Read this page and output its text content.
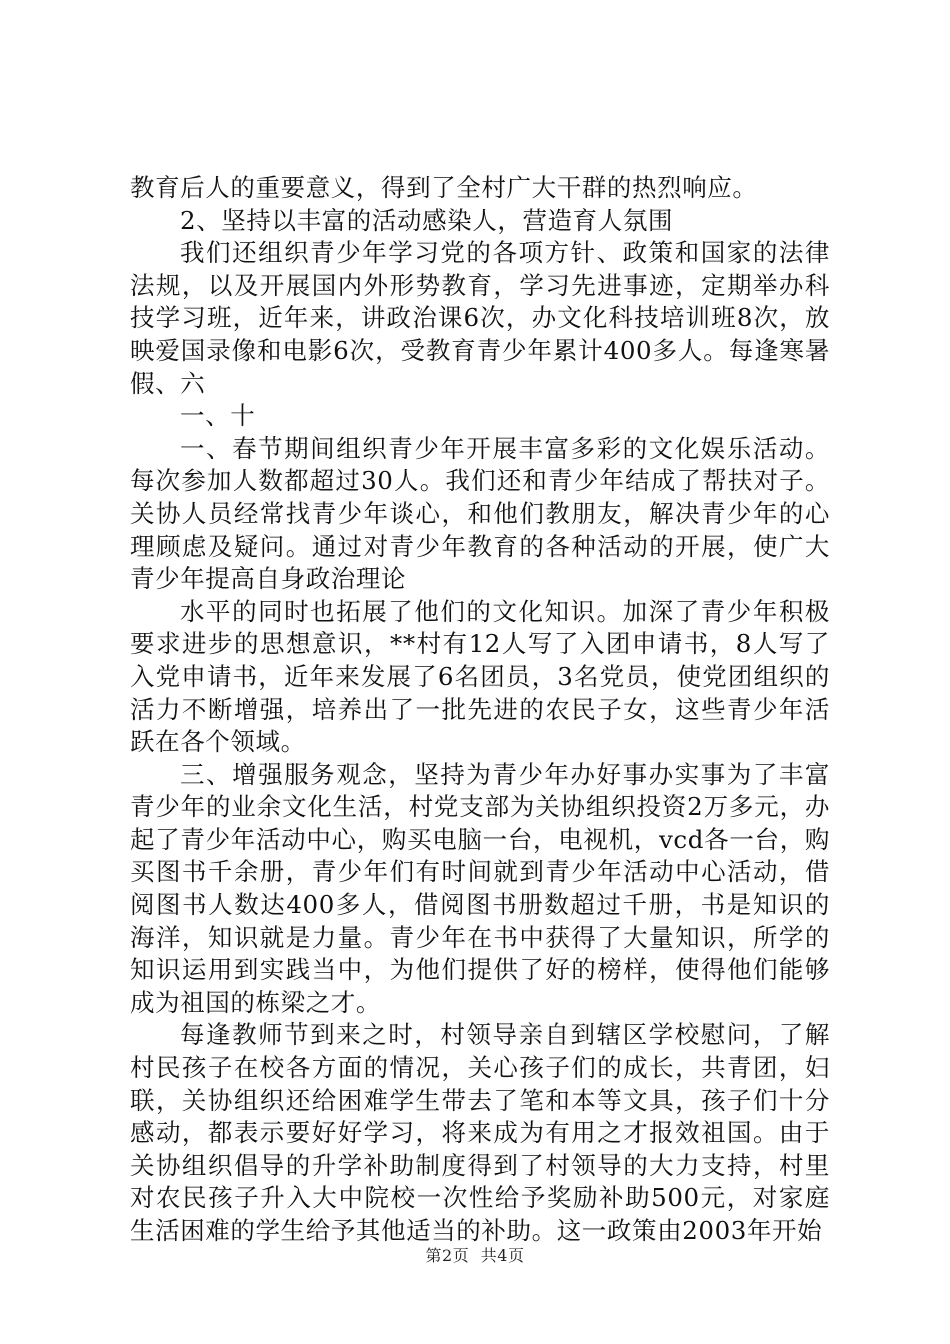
教育后人的重要意义，得到了全村广大干群的热烈响应。

2、坚持以丰富的活动感染人，营造育人氛围

我们还组织青少年学习党的各项方针、政策和国家的法律法规，以及开展国内外形势教育，学习先进事迹，定期举办科技学习班，近年来，讲政治课6次，办文化科技培训班8次，放映爱国录像和电影6次，受教育青少年累计400多人。每逢寒暑假、六

一、十

一、春节期间组织青少年开展丰富多彩的文化娱乐活动。每次参加人数都超过30人。我们还和青少年结成了帮扶对子。关协人员经常找青少年谈心，和他们教朋友，解决青少年的心理顾虑及疑问。通过对青少年教育的各种活动的开展，使广大青少年提高自身政治理论

水平的同时也拓展了他们的文化知识。加深了青少年积极要求进步的思想意识，**村有12人写了入团申请书，8人写了入党申请书，近年来发展了6名团员，3名党员，使党团组织的活力不断增强，培养出了一批先进的农民子女，这些青少年活跃在各个领域。

三、增强服务观念，坚持为青少年办好事办实事为了丰富青少年的业余文化生活，村党支部为关协组织投资2万多元，办起了青少年活动中心，购买电脑一台，电视机，vcd各一台，购买图书千余册，青少年们有时间就到青少年活动中心活动，借阅图书人数达400多人，借阅图书册数超过千册，书是知识的海洋，知识就是力量。青少年在书中获得了大量知识，所学的知识运用到实践当中，为他们提供了好的榜样，使得他们能够成为祖国的栋梁之才。

每逢教师节到来之时，村领导亲自到辖区学校慰问，了解村民孩子在校各方面的情况，关心孩子们的成长，共青团，妇联，关协组织还给困难学生带去了笔和本等文具，孩子们十分感动，都表示要好好学习，将来成为有用之才报效祖国。由于关协组织倡导的升学补助制度得到了村领导的大力支持，村里对农民孩子升入大中院校一次性给予奖励补助500元，对家庭生活困难的学生给予其他适当的补助。这一政策由2003年开始

第2页 共4页
